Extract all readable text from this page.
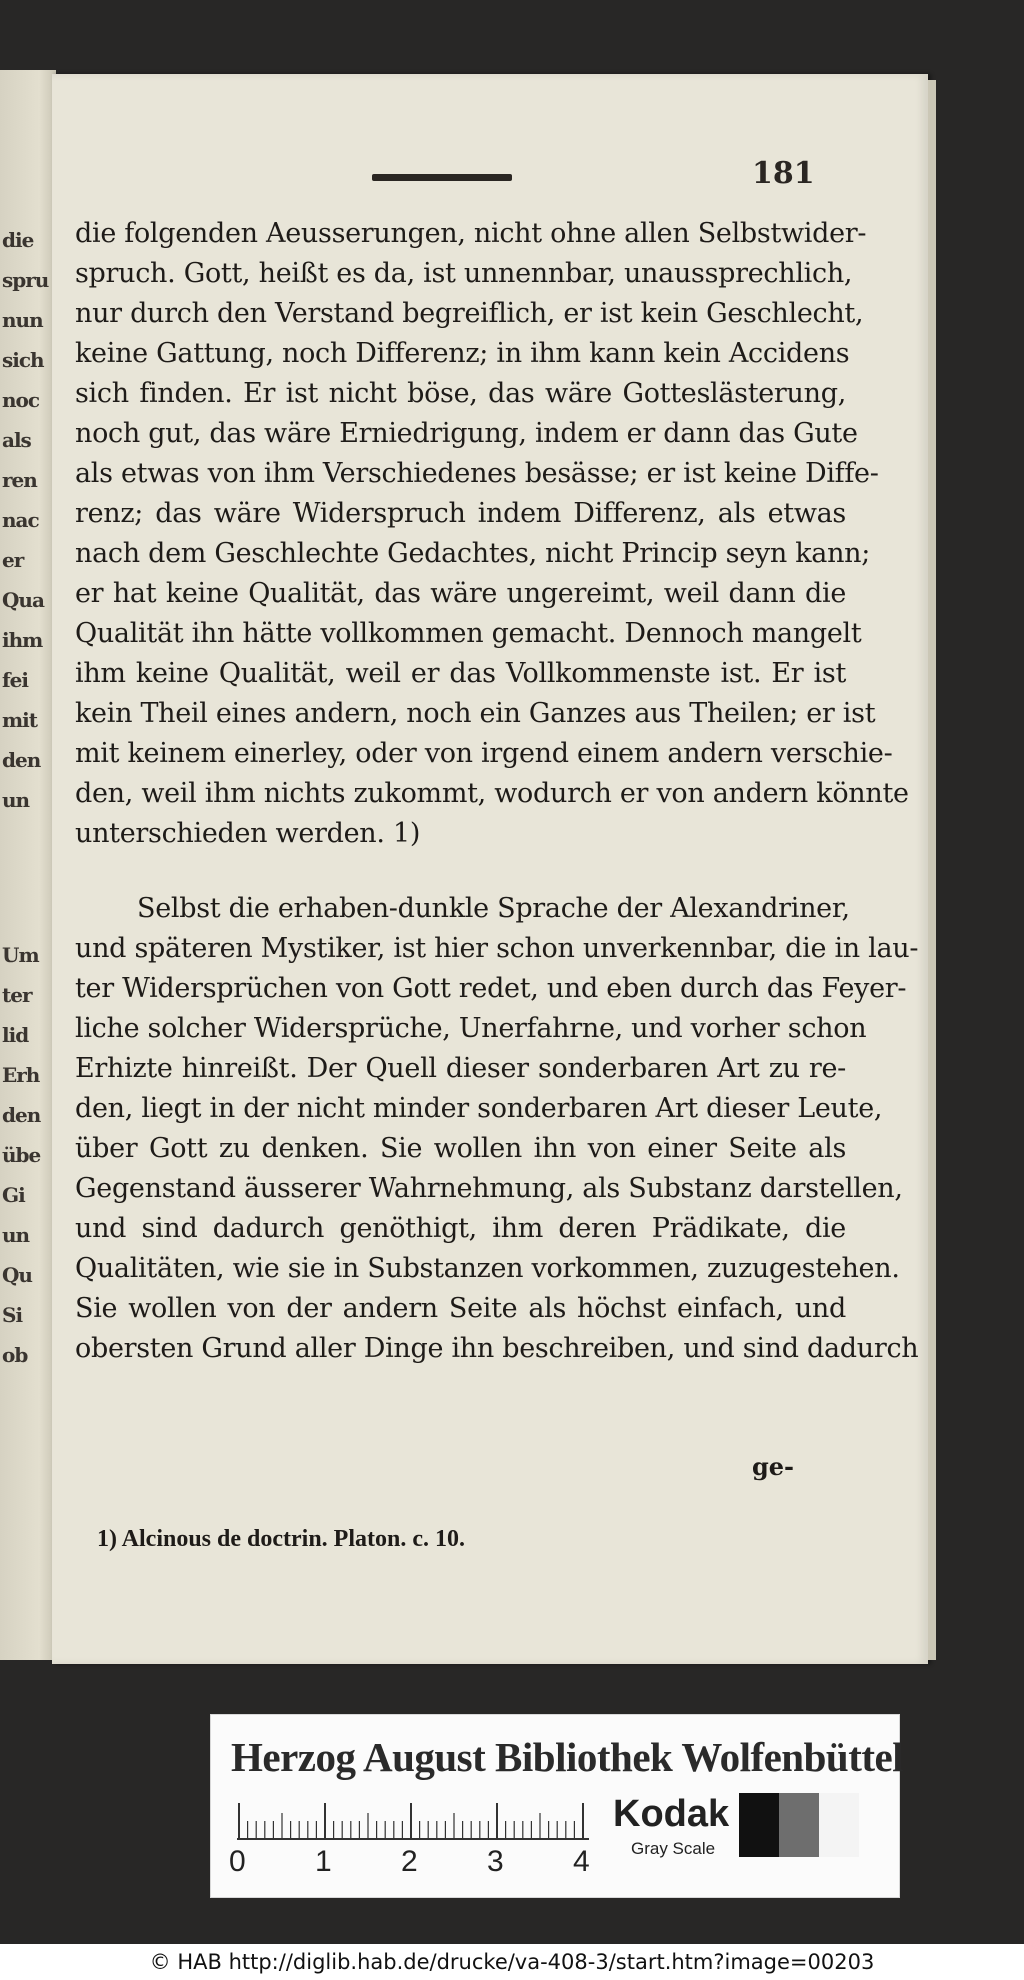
die
spru
nun
sich
noc
als
ren
nac
er
Qua
ihm
fei
mit
den
un
Um
ter
lid
Erh
den
übe
Gi
un
Qu
Si
ob
181
die folgenden Aeusserungen, nicht ohne allen Selbstwider-
spruch. Gott, heißt es da, ist unnennbar, unaussprechlich,
nur durch den Verstand begreiflich, er ist kein Geschlecht,
keine Gattung, noch Differenz; in ihm kann kein Accidens
sich finden. Er ist nicht böse, das wäre Gotteslästerung,
noch gut, das wäre Erniedrigung, indem er dann das Gute
als etwas von ihm Verschiedenes besässe; er ist keine Diffe-
renz; das wäre Widerspruch indem Differenz, als etwas
nach dem Geschlechte Gedachtes, nicht Princip seyn kann;
er hat keine Qualität, das wäre ungereimt, weil dann die
Qualität ihn hätte vollkommen gemacht. Dennoch mangelt
ihm keine Qualität, weil er das Vollkommenste ist. Er ist
kein Theil eines andern, noch ein Ganzes aus Theilen; er ist
mit keinem einerley, oder von irgend einem andern verschie-
den, weil ihm nichts zukommt, wodurch er von andern könnte
unterschieden werden. 1)
Selbst die erhaben-dunkle Sprache der Alexandriner,
und späteren Mystiker, ist hier schon unverkennbar, die in lau-
ter Widersprüchen von Gott redet, und eben durch das Feyer-
liche solcher Widersprüche, Unerfahrne, und vorher schon
Erhizte hinreißt. Der Quell dieser sonderbaren Art zu re-
den, liegt in der nicht minder sonderbaren Art dieser Leute,
über Gott zu denken. Sie wollen ihn von einer Seite als
Gegenstand äusserer Wahrnehmung, als Substanz darstellen,
und sind dadurch genöthigt, ihm deren Prädikate, die
Qualitäten, wie sie in Substanzen vorkommen, zuzugestehen.
Sie wollen von der andern Seite als höchst einfach, und
obersten Grund aller Dinge ihn beschreiben, und sind dadurch
ge-
1) Alcinous de doctrin. Platon. c. 10.
Herzog August Bibliothek Wolfenbüttel
0 1 2 3 4
Kodak
Gray Scale
© HAB http://diglib.hab.de/drucke/va-408-3/start.htm?image=00203
